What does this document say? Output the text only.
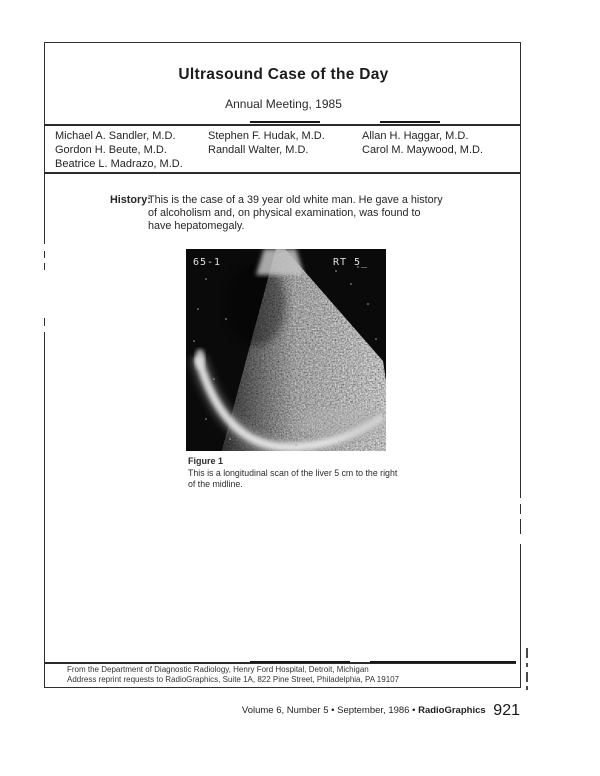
Ultrasound Case of the Day
Annual Meeting, 1985
Michael A. Sandler, M.D.
Gordon H. Beute, M.D.
Beatrice L. Madrazo, M.D.
Stephen F. Hudak, M.D.
Randall Walter, M.D.
Allan H. Haggar, M.D.
Carol M. Maywood, M.D.
History:
This is the case of a 39 year old white man. He gave a history of alcoholism and, on physical examination, was found to have hepatomegaly.
65-1	RT 5_
Figure 1
This is a longitudinal scan of the liver 5 cm to the right of the midline.
From the Department of Diagnostic Radiology, Henry Ford Hospital, Detroit, Michigan
Address reprint requests to RadioGraphics, Suite 1A, 822 Pine Street, Philadelphia, PA 19107
Volume 6, Number 5 • September, 1986 • RadioGraphics 921
